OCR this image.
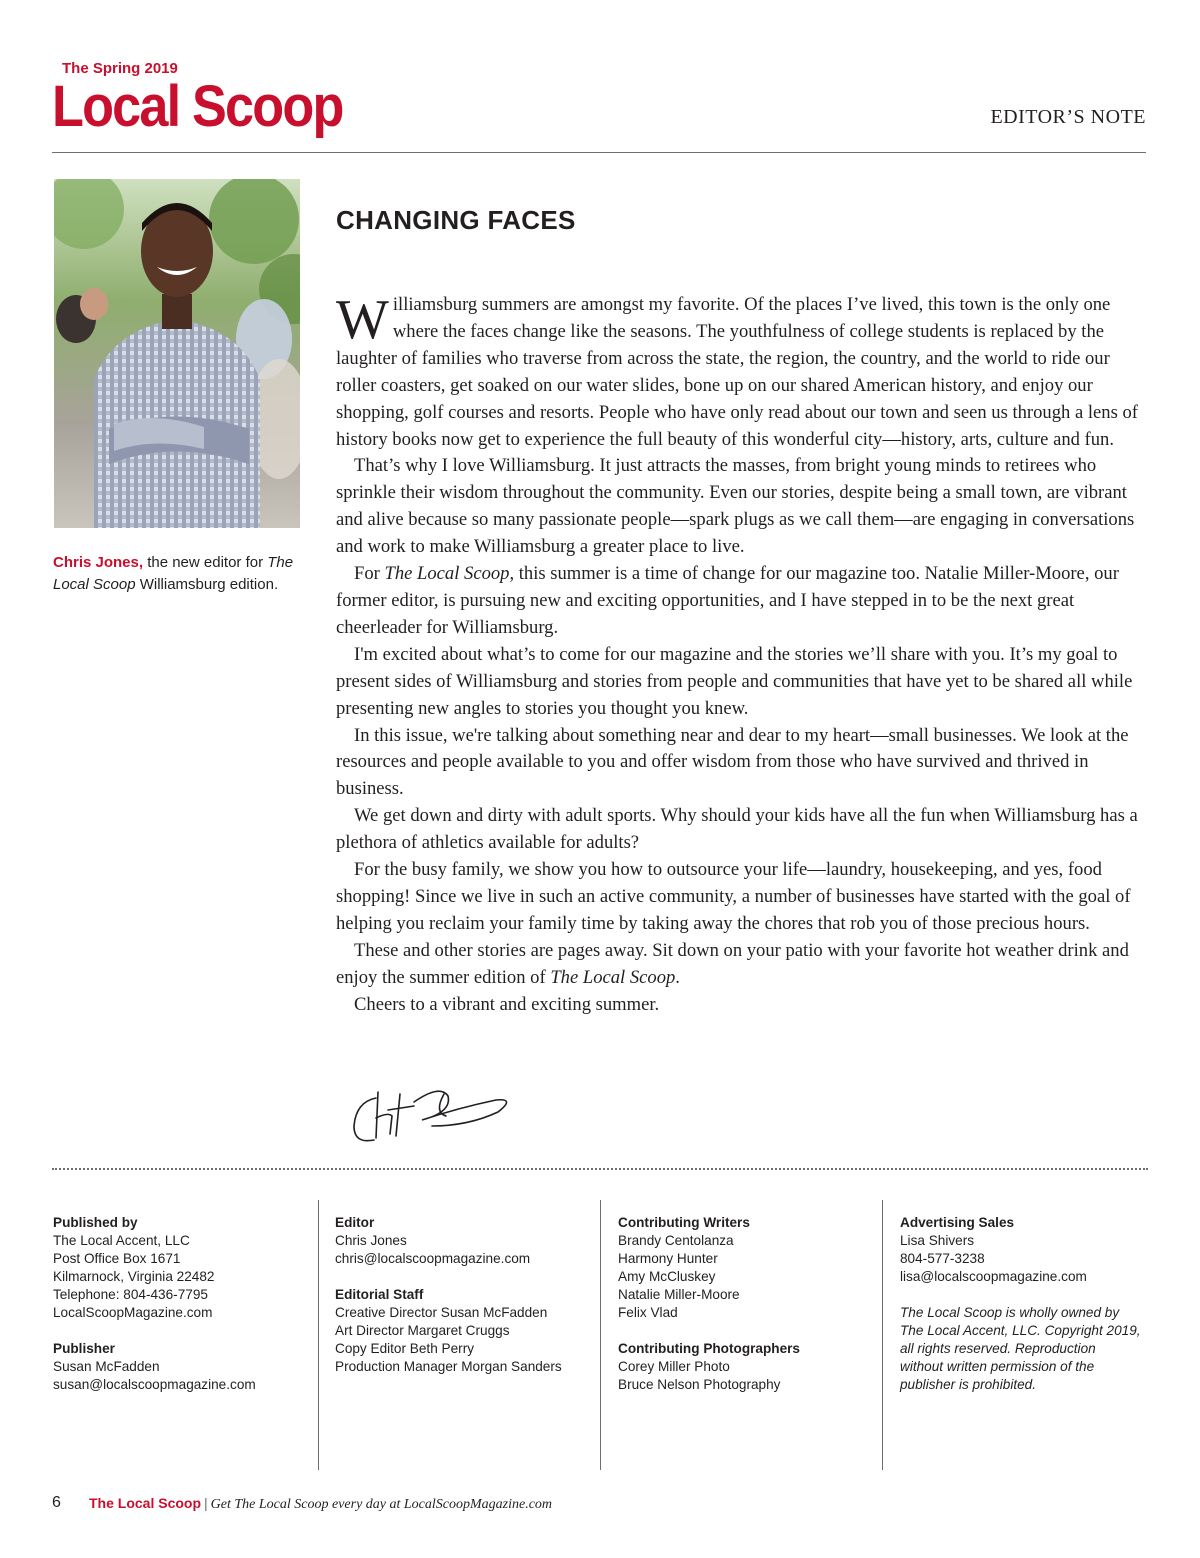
The Spring 2019
Local Scoop	EDITOR’S NOTE
Chris Jones, the new editor for The Local Scoop Williamsburg edition.
CHANGING FACES

Williamsburg summers are amongst my favorite. Of the places I’ve lived, this town is the only one where the faces change like the seasons. The youthfulness of college students is replaced by the laughter of families who traverse from across the state, the region, the country, and the world to ride our roller coasters, get soaked on our water slides, bone up on our shared American history, and enjoy our shopping, golf courses and resorts. People who have only read about our town and seen us through a lens of history books now get to experience the full beauty of this wonderful city—history, arts, culture and fun.

That’s why I love Williamsburg. It just attracts the masses, from bright young minds to retirees who sprinkle their wisdom throughout the community. Even our stories, despite being a small town, are vibrant and alive because so many passionate people—spark plugs as we call them—are engaging in conversations and work to make Williamsburg a greater place to live.

For The Local Scoop, this summer is a time of change for our magazine too. Natalie Miller-Moore, our former editor, is pursuing new and exciting opportunities, and I have stepped in to be the next great cheerleader for Williamsburg.

I'm excited about what’s to come for our magazine and the stories we’ll share with you. It’s my goal to present sides of Williamsburg and stories from people and communities that have yet to be shared all while presenting new angles to stories you thought you knew.

In this issue, we're talking about something near and dear to my heart—small businesses. We look at the resources and people available to you and offer wisdom from those who have survived and thrived in business.

We get down and dirty with adult sports. Why should your kids have all the fun when Williamsburg has a plethora of athletics available for adults?

For the busy family, we show you how to outsource your life—laundry, housekeeping, and yes, food shopping! Since we live in such an active community, a number of businesses have started with the goal of helping you reclaim your family time by taking away the chores that rob you of those precious hours.

These and other stories are pages away. Sit down on your patio with your favorite hot weather drink and enjoy the summer edition of The Local Scoop.

Cheers to a vibrant and exciting summer.

Published by
The Local Accent, LLC
Post Office Box 1671
Kilmarnock, Virginia 22482
Telephone: 804-436-7795
LocalScoopMagazine.com
Publisher
Susan McFadden
susan@localscoopmagazine.com
Editor
Chris Jones
chris@localscoopmagazine.com
Editorial Staff
Creative Director Susan McFadden
Art Director Margaret Cruggs
Copy Editor Beth Perry
Production Manager Morgan Sanders
Contributing Writers
Brandy Centolanza
Harmony Hunter
Amy McCluskey
Natalie Miller-Moore
Felix Vlad
Contributing Photographers
Corey Miller Photo
Bruce Nelson Photography
Advertising Sales
Lisa Shivers
804-577-3238
lisa@localscoopmagazine.com
The Local Scoop is wholly owned by
The Local Accent, LLC. Copyright 2019,
all rights reserved. Reproduction
without written permission of the
publisher is prohibited.
6 The Local Scoop | Get The Local Scoop every day at LocalScoopMagazine.com
